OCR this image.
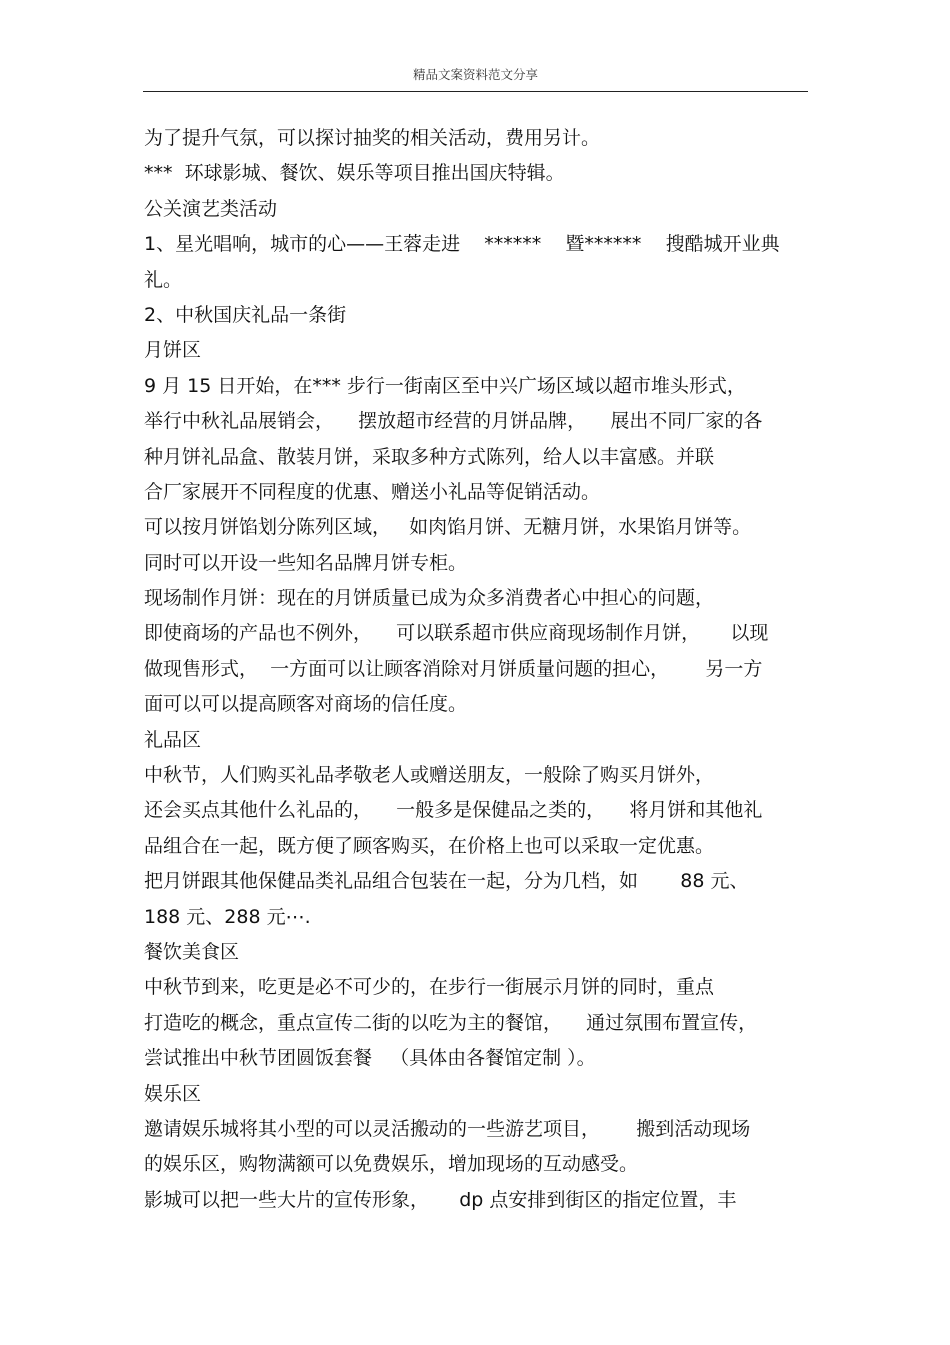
精品文案资料范文分享
为了提升气氛，可以探讨抽奖的相关活动，费用另计。
***  环球影城、餐饮、娱乐等项目推出国庆特辑。
公关演艺类活动
1、星光唱响，城市的心——王蓉走进    ******    暨******    搜酷城开业典
礼。
2、中秋国庆礼品一条街
月饼区
9 月 15 日开始，在*** 步行一街南区至中兴广场区域以超市堆头形式，
举行中秋礼品展销会，    摆放超市经营的月饼品牌，    展出不同厂家的各
种月饼礼品盒、散装月饼，采取多种方式陈列，给人以丰富感。并联
合厂家展开不同程度的优惠、赠送小礼品等促销活动。
可以按月饼馅划分陈列区域，   如肉馅月饼、无糖月饼，水果馅月饼等。
同时可以开设一些知名品牌月饼专柜。
现场制作月饼：现在的月饼质量已成为众多消费者心中担心的问题，
即使商场的产品也不例外，    可以联系超市供应商现场制作月饼，     以现
做现售形式，  一方面可以让顾客消除对月饼质量问题的担心，      另一方
面可以可以提高顾客对商场的信任度。
礼品区
中秋节，人们购买礼品孝敬老人或赠送朋友，一般除了购买月饼外，
还会买点其他什么礼品的，    一般多是保健品之类的，    将月饼和其他礼
品组合在一起，既方便了顾客购买，在价格上也可以采取一定优惠。
把月饼跟其他保健品类礼品组合包装在一起，分为几档，如       88 元、
188 元、288 元⋯.
餐饮美食区
中秋节到来，吃更是必不可少的，在步行一街展示月饼的同时，重点
打造吃的概念，重点宣传二街的以吃为主的餐馆，    通过氛围布置宣传，
尝试推出中秋节团圆饭套餐   （具体由各餐馆定制 ）。
娱乐区
邀请娱乐城将其小型的可以灵活搬动的一些游艺项目，      搬到活动现场
的娱乐区，购物满额可以免费娱乐，增加现场的互动感受。
影城可以把一些大片的宣传形象，     dp 点安排到街区的指定位置，丰
